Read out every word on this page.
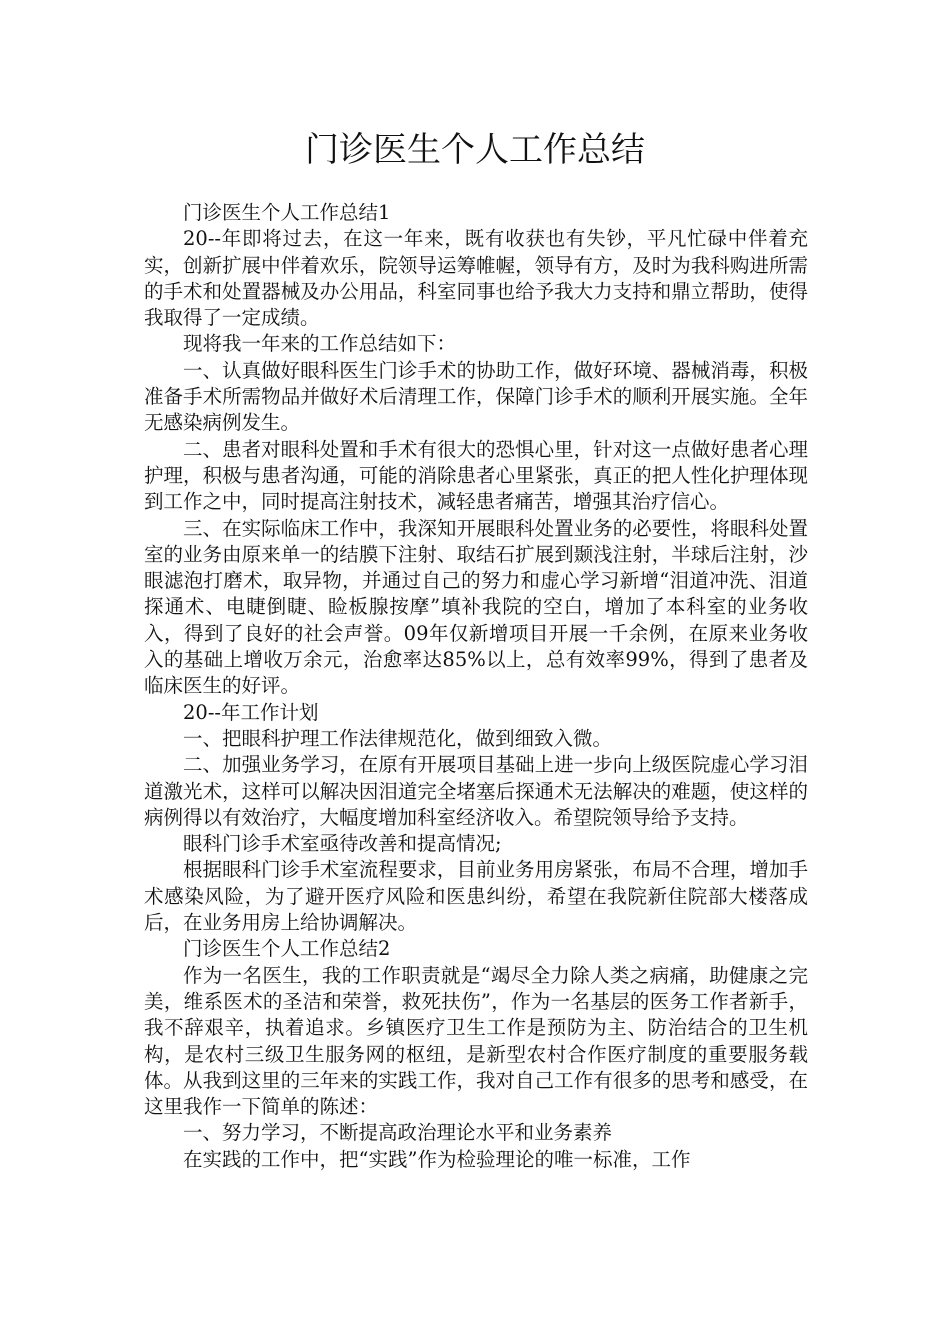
门诊医生个人工作总结

门诊医生个人工作总结1

20--年即将过去，在这一年来，既有收获也有失钞，平凡忙碌中伴着充实，创新扩展中伴着欢乐，院领导运筹帷幄，领导有方，及时为我科购进所需的手术和处置器械及办公用品，科室同事也给予我大力支持和鼎立帮助，使得我取得了一定成绩。

现将我一年来的工作总结如下：

一、认真做好眼科医生门诊手术的协助工作，做好环境、器械消毒，积极准备手术所需物品并做好术后清理工作，保障门诊手术的顺利开展实施。全年无感染病例发生。

二、患者对眼科处置和手术有很大的恐惧心里，针对这一点做好患者心理护理，积极与患者沟通，可能的消除患者心里紧张，真正的把人性化护理体现到工作之中，同时提高注射技术，减轻患者痛苦，增强其治疗信心。

三、在实际临床工作中，我深知开展眼科处置业务的必要性，将眼科处置室的业务由原来单一的结膜下注射、取结石扩展到颞浅注射，半球后注射，沙眼滤泡打磨术，取异物，并通过自己的努力和虚心学习新增“泪道冲洗、泪道探通术、电睫倒睫、睑板腺按摩”填补我院的空白，增加了本科室的业务收入，得到了良好的社会声誉。09年仅新增项目开展一千余例，在原来业务收入的基础上增收万余元，治愈率达85%以上，总有效率99%，得到了患者及临床医生的好评。

20--年工作计划

一、把眼科护理工作法律规范化，做到细致入微。

二、加强业务学习，在原有开展项目基础上进一步向上级医院虚心学习泪道激光术，这样可以解决因泪道完全堵塞后探通术无法解决的难题，使这样的病例得以有效治疗，大幅度增加科室经济收入。希望院领导给予支持。

眼科门诊手术室亟待改善和提高情况;

根据眼科门诊手术室流程要求，目前业务用房紧张，布局不合理，增加手术感染风险，为了避开医疗风险和医患纠纷，希望在我院新住院部大楼落成后，在业务用房上给协调解决。

门诊医生个人工作总结2

作为一名医生，我的工作职责就是“竭尽全力除人类之病痛，助健康之完美，维系医术的圣洁和荣誉，救死扶伤”，作为一名基层的医务工作者新手，我不辞艰辛，执着追求。乡镇医疗卫生工作是预防为主、防治结合的卫生机构，是农村三级卫生服务网的枢纽，是新型农村合作医疗制度的重要服务载体。从我到这里的三年来的实践工作，我对自己工作有很多的思考和感受，在这里我作一下简单的陈述：

一、努力学习，不断提高政治理论水平和业务素养

在实践的工作中，把“实践”作为检验理论的唯一标准，工作
